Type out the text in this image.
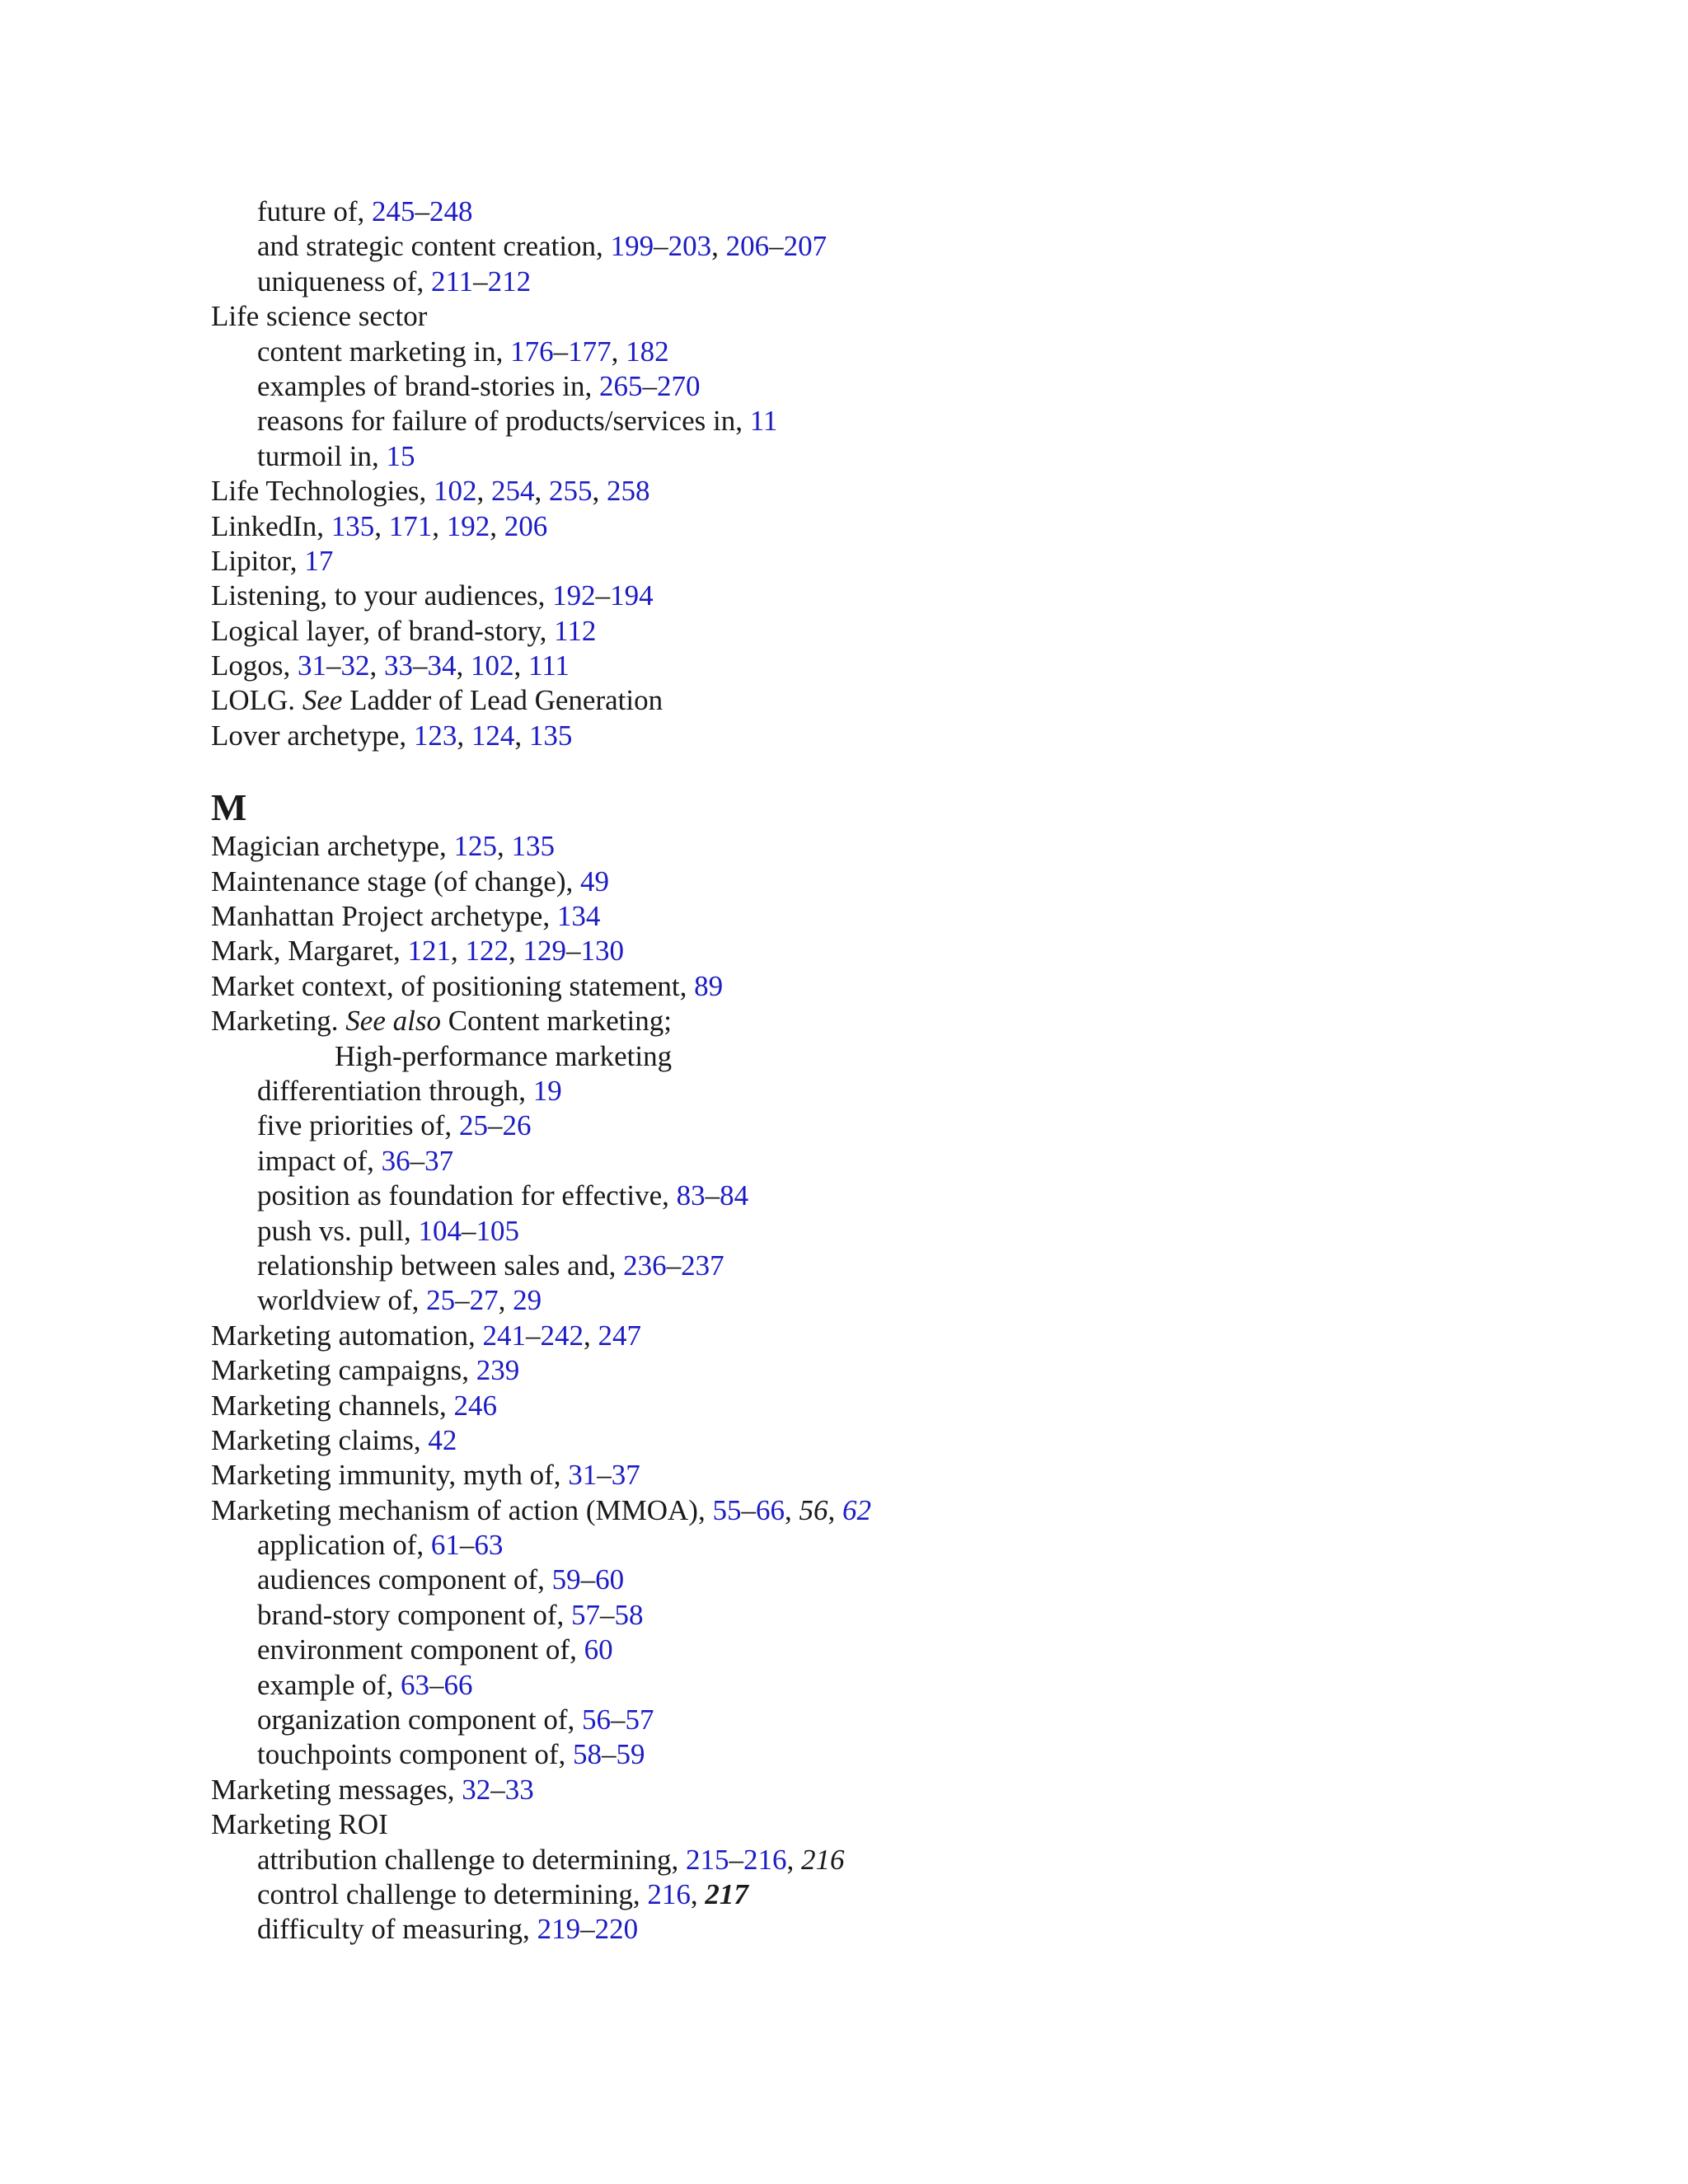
future of, 245–248
and strategic content creation, 199–203, 206–207
uniqueness of, 211–212
Life science sector
content marketing in, 176–177, 182
examples of brand-stories in, 265–270
reasons for failure of products/services in, 11
turmoil in, 15
Life Technologies, 102, 254, 255, 258
LinkedIn, 135, 171, 192, 206
Lipitor, 17
Listening, to your audiences, 192–194
Logical layer, of brand-story, 112
Logos, 31–32, 33–34, 102, 111
LOLG. See Ladder of Lead Generation
Lover archetype, 123, 124, 135
M
Magician archetype, 125, 135
Maintenance stage (of change), 49
Manhattan Project archetype, 134
Mark, Margaret, 121, 122, 129–130
Market context, of positioning statement, 89
Marketing. See also Content marketing;
High-performance marketing
differentiation through, 19
five priorities of, 25–26
impact of, 36–37
position as foundation for effective, 83–84
push vs. pull, 104–105
relationship between sales and, 236–237
worldview of, 25–27, 29
Marketing automation, 241–242, 247
Marketing campaigns, 239
Marketing channels, 246
Marketing claims, 42
Marketing immunity, myth of, 31–37
Marketing mechanism of action (MMOA), 55–66, 56, 62
application of, 61–63
audiences component of, 59–60
brand-story component of, 57–58
environment component of, 60
example of, 63–66
organization component of, 56–57
touchpoints component of, 58–59
Marketing messages, 32–33
Marketing ROI
attribution challenge to determining, 215–216, 216
control challenge to determining, 216, 217
difficulty of measuring, 219–220
